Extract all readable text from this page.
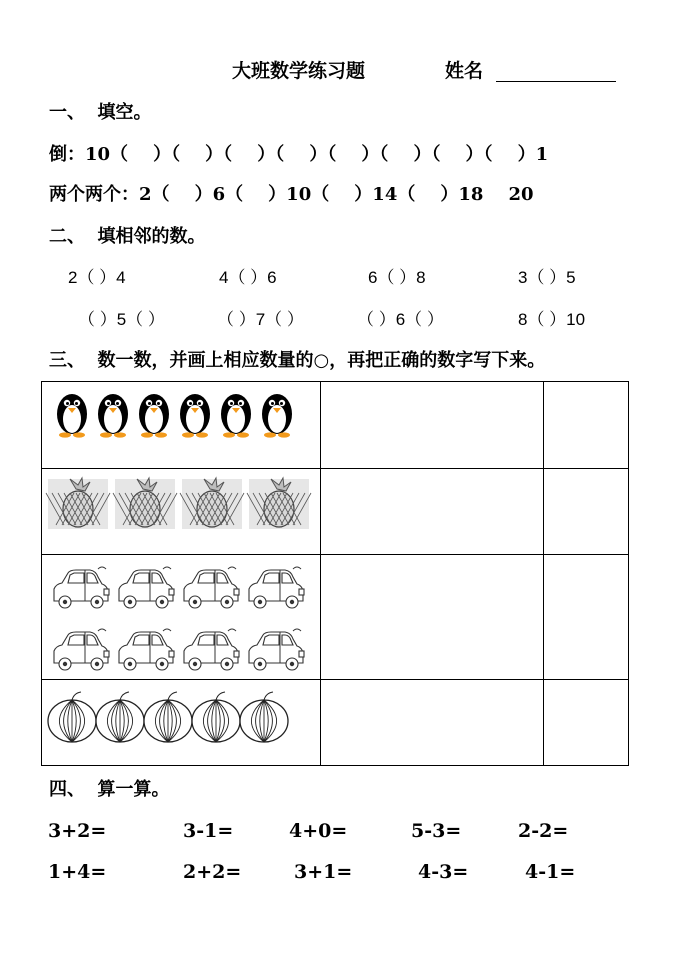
大班数学练习题	姓名
一、  填空。
倒：10（    ）（    ）（    ）（    ）（    ）（    ）（    ）（    ）1
两个两个：2（    ）6（    ）10（    ）14（    ）18    20
二、  填相邻的数。
2（ ）4	4（ ）6	6（ ）8	3（ ）5
（ ）5（ ）	（ ）7（ ）	（ ）6（ ）	8（ ）10
三、  数一数，并画上相应数量的○，再把正确的数字写下来。

四、  算一算。
3+2=	3-1=	4+0=	5-3=	2-2=
1+4=	2+2=	3+1=	4-3=	4-1=
